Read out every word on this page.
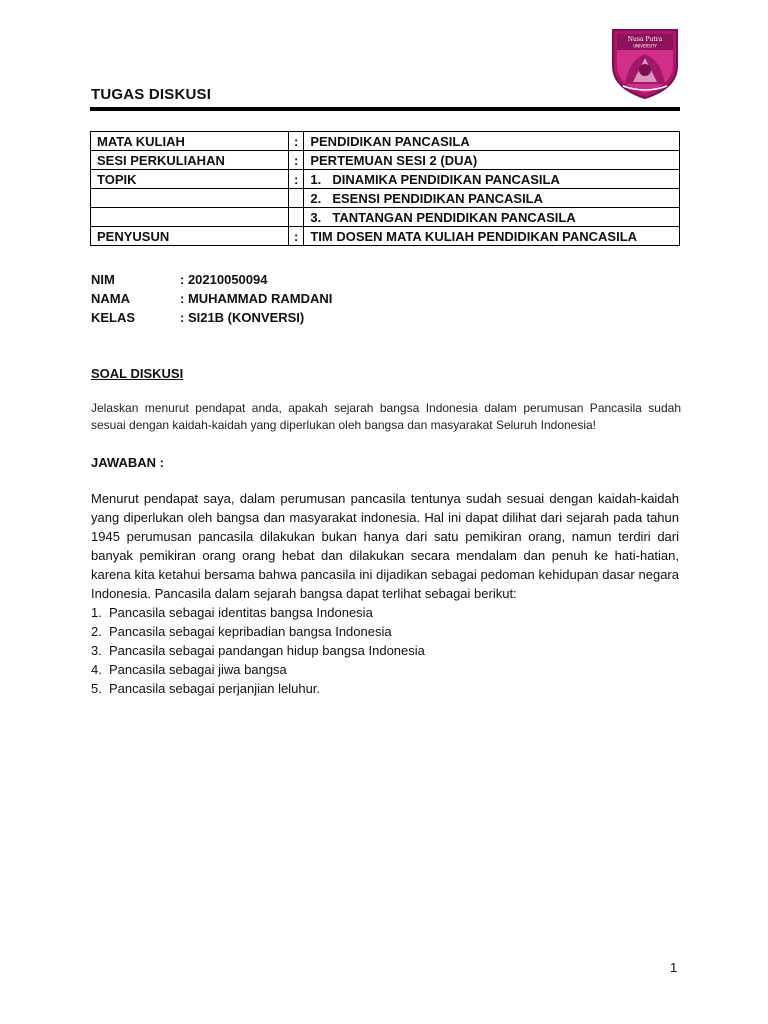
Nusa Putra
UNIVERSITY
TUGAS DISKUSI
MATA KULIAH	:	PENDIDIKAN PANCASILA
SESI PERKULIAHAN	:	PERTEMUAN SESI 2 (DUA)
TOPIK	:	1. DINAMIKA PENDIDIKAN PANCASILA
		2. ESENSI PENDIDIKAN PANCASILA
		3. TANTANGAN PENDIDIKAN PANCASILA
PENYUSUN	:	TIM DOSEN MATA KULIAH PENDIDIKAN PANCASILA
NIM	: 20210050094
NAMA	: MUHAMMAD RAMDANI
KELAS	: SI21B (KONVERSI)
SOAL DISKUSI
Jelaskan menurut pendapat anda, apakah sejarah bangsa Indonesia dalam perumusan Pancasila sudah sesuai dengan kaidah-kaidah yang diperlukan oleh bangsa dan masyarakat Seluruh Indonesia!
JAWABAN :
Menurut pendapat saya, dalam perumusan pancasila tentunya sudah sesuai dengan kaidah-kaidah yang diperlukan oleh bangsa dan masyarakat indonesia. Hal ini dapat dilihat dari sejarah pada tahun 1945 perumusan pancasila dilakukan bukan hanya dari satu pemikiran orang, namun terdiri dari banyak pemikiran orang orang hebat dan dilakukan secara mendalam dan penuh ke hati-hatian, karena kita ketahui bersama bahwa pancasila ini dijadikan sebagai pedoman kehidupan dasar negara Indonesia. Pancasila dalam sejarah bangsa dapat terlihat sebagai berikut:
1. Pancasila sebagai identitas bangsa Indonesia
2. Pancasila sebagai kepribadian bangsa Indonesia
3. Pancasila sebagai pandangan hidup bangsa Indonesia
4. Pancasila sebagai jiwa bangsa
5. Pancasila sebagai perjanjian leluhur.
1
